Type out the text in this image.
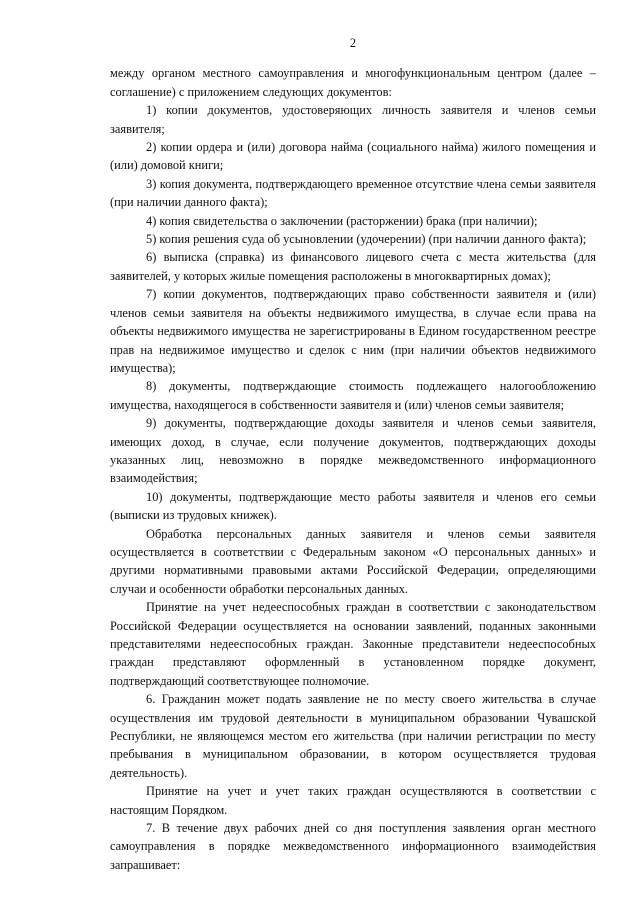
2

между органом местного самоуправления и многофункциональным центром (далее – соглашение) с приложением следующих документов:

1) копии документов, удостоверяющих личность заявителя и членов семьи заявителя;

2) копии ордера и (или) договора найма (социального найма) жилого помещения и (или) домовой книги;

3) копия документа, подтверждающего временное отсутствие члена семьи заявителя (при наличии данного факта);

4) копия свидетельства о заключении (расторжении) брака (при наличии);

5) копия решения суда об усыновлении (удочерении) (при наличии данного факта);

6) выписка (справка) из финансового лицевого счета с места жительства (для заявителей, у которых жилые помещения расположены в многоквартирных домах);

7) копии документов, подтверждающих право собственности заявителя и (или) членов семьи заявителя на объекты недвижимого имущества, в случае если права на объекты недвижимого имущества не зарегистрированы в Едином государственном реестре прав на недвижимое имущество и сделок с ним (при наличии объектов недвижимого имущества);

8) документы, подтверждающие стоимость подлежащего налогообложению имущества, находящегося в собственности заявителя и (или) членов семьи заявителя;

9) документы, подтверждающие доходы заявителя и членов семьи заявителя, имеющих доход, в случае, если получение документов, подтверждающих доходы указанных лиц, невозможно в порядке межведомственного информационного взаимодействия;

10) документы, подтверждающие место работы заявителя и членов его семьи (выписки из трудовых книжек).

Обработка персональных данных заявителя и членов семьи заявителя осуществляется в соответствии с Федеральным законом «О персональных данных» и другими нормативными правовыми актами Российской Федерации, определяющими случаи и особенности обработки персональных данных.

Принятие на учет недееспособных граждан в соответствии с законодательством Российской Федерации осуществляется на основании заявлений, поданных законными представителями недееспособных граждан. Законные представители недееспособных граждан представляют оформленный в установленном порядке документ, подтверждающий соответствующее полномочие.

6. Гражданин может подать заявление не по месту своего жительства в случае осуществления им трудовой деятельности в муниципальном образовании Чувашской Республики, не являющемся местом его жительства (при наличии регистрации по месту пребывания в муниципальном образовании, в котором осуществляется трудовая деятельность).

Принятие на учет и учет таких граждан осуществляются в соответствии с настоящим Порядком.

7. В течение двух рабочих дней со дня поступления заявления орган местного самоуправления в порядке межведомственного информационного взаимодействия запрашивает:
